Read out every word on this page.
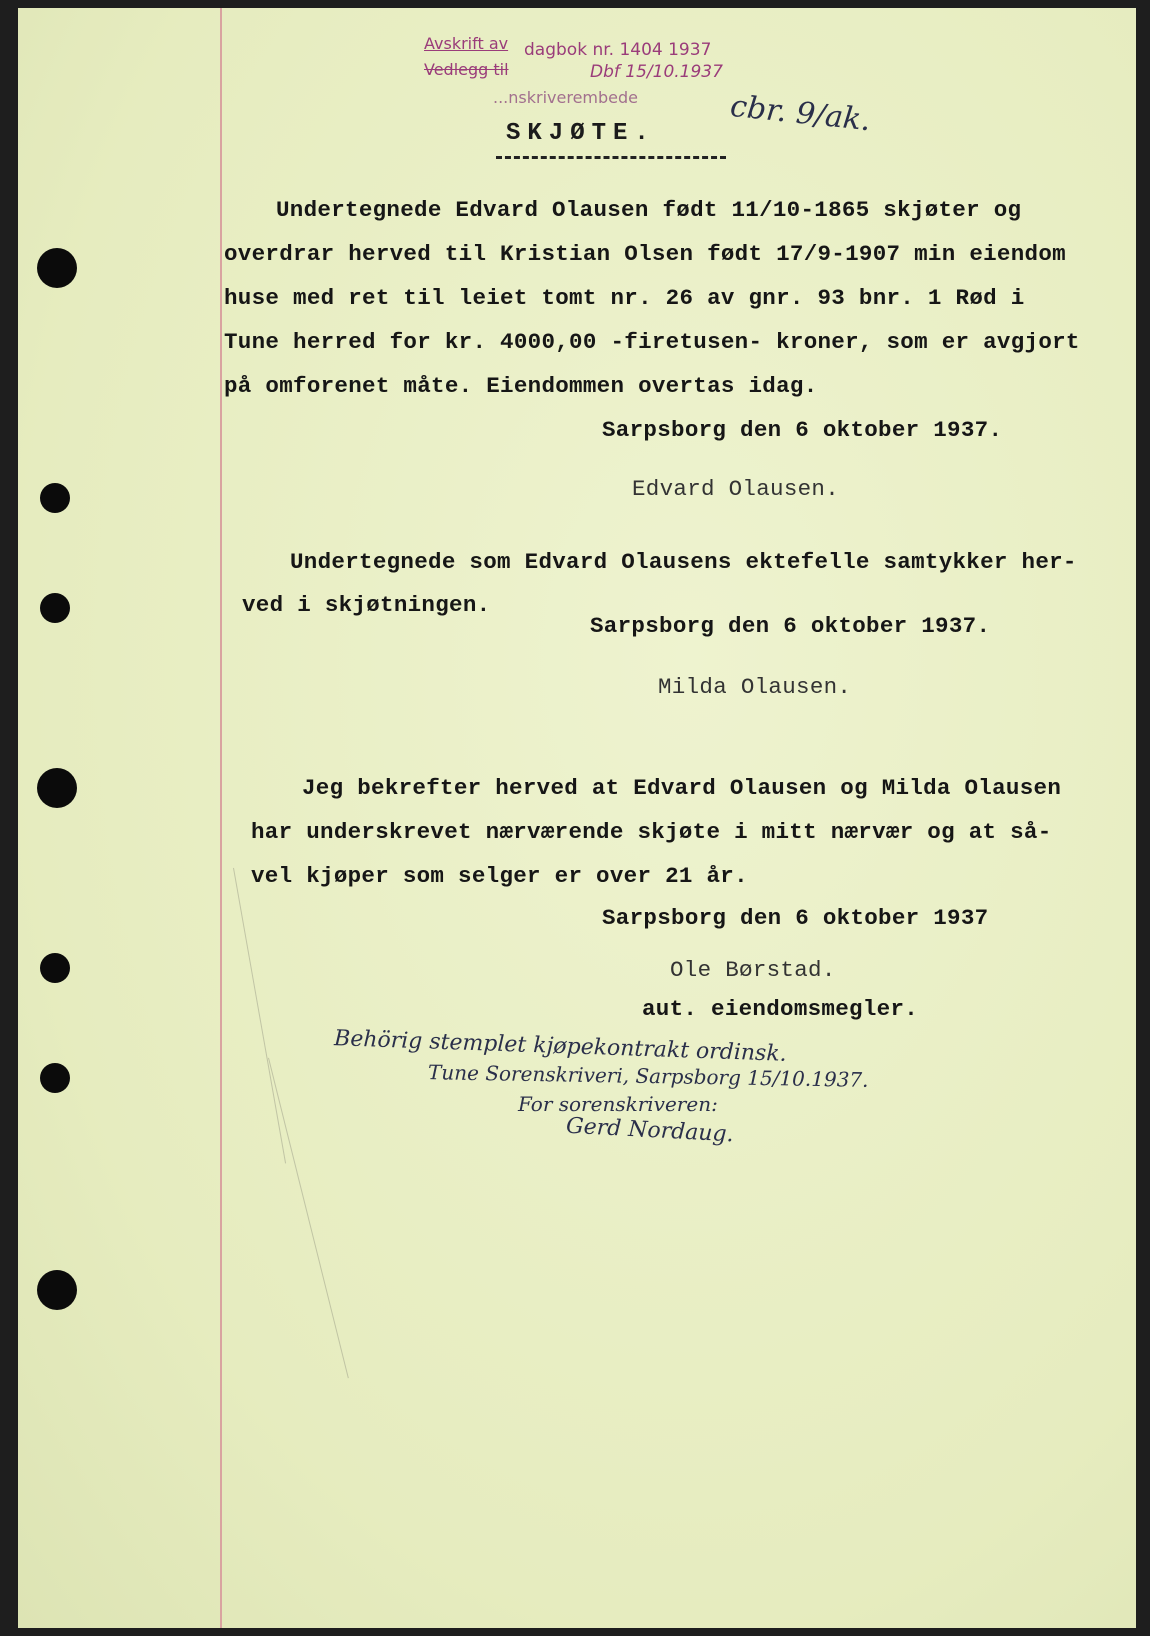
Avskrift av dagbok nr. 1404 1937
Vedlegg til	Dbf 15/10.1937
...nskriverembede	cbr. 9/ak.
SKJØTE.
Undertegnede Edvard Olausen født 11/10-1865 skjøter og
overdrar herved til Kristian Olsen født 17/9-1907 min eiendom
huse med ret til leiet tomt nr. 26 av gnr. 93 bnr. 1 Rød i
Tune herred for kr. 4000,00 -firetusen- kroner, som er avgjort
på omforenet måte. Eiendommen overtas idag.
Sarpsborg den 6 oktober 1937.
Edvard Olausen.
Undertegnede som Edvard Olausens ektefelle samtykker her-
ved i skjøtningen.
Sarpsborg den 6 oktober 1937.
Milda Olausen.
Jeg bekrefter herved at Edvard Olausen og Milda Olausen
har underskrevet nærværende skjøte i mitt nærvær og at så-
vel kjøper som selger er over 21 år.
Sarpsborg den 6 oktober 1937
Ole Børstad.
aut. eiendomsmegler.
Behörig stemplet kjøpekontrakt ordinsk.
Tune Sorenskriveri, Sarpsborg 15/10.1937.
For sorenskriveren:
Gerd Nordaug.
